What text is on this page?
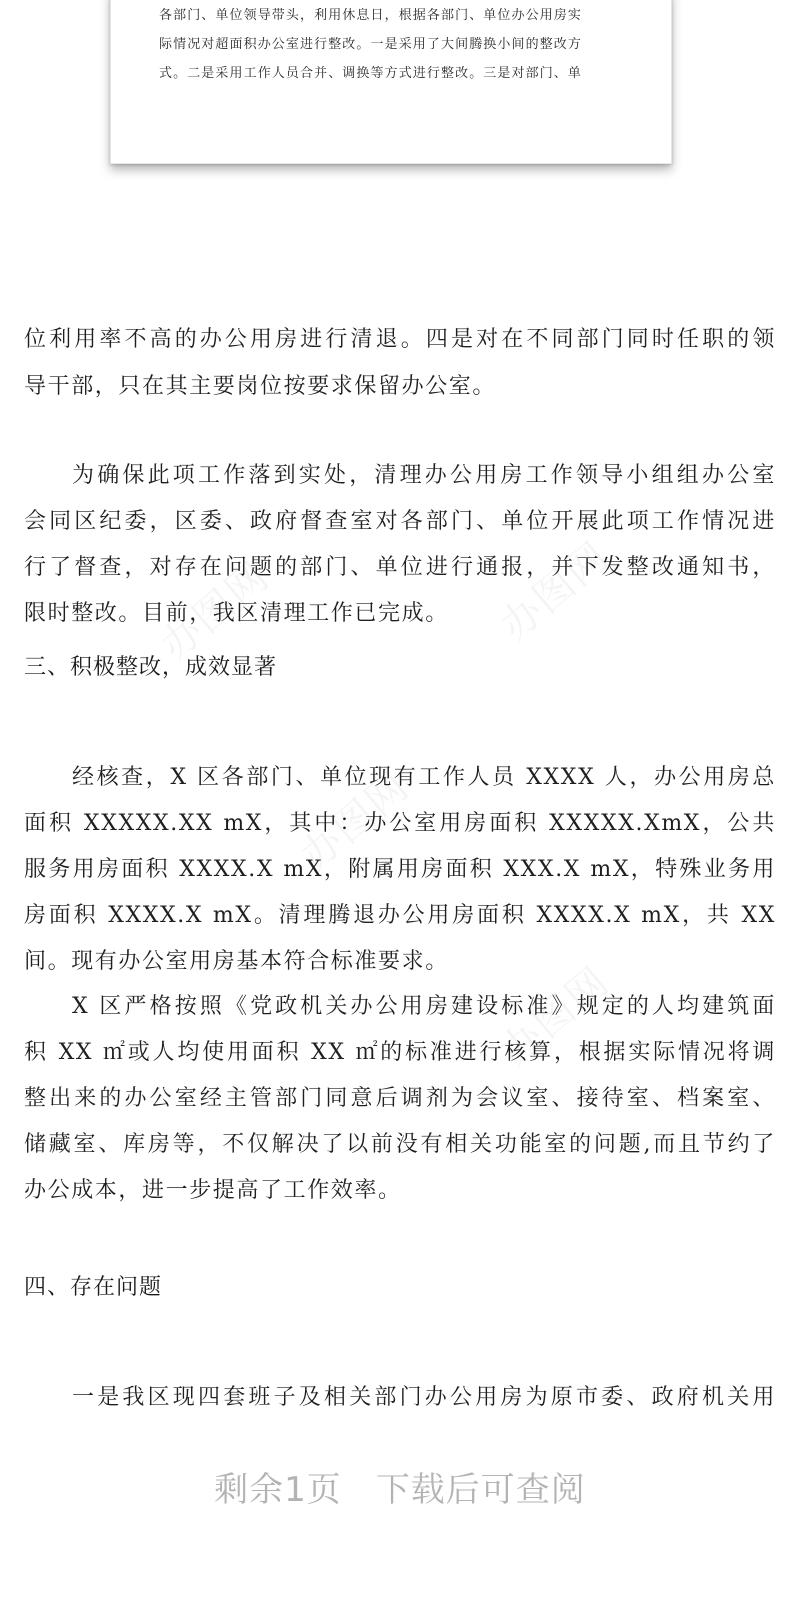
各部门、单位领导带头，利用休息日，根据各部门、单位办公用房实
际情况对超面积办公室进行整改。一是采用了大间腾换小间的整改方
式。二是采用工作人员合并、调换等方式进行整改。三是对部门、单
位利用率不高的办公用房进行清退。四是对在不同部门同时任职的领
导干部，只在其主要岗位按要求保留办公室。
为确保此项工作落到实处，清理办公用房工作领导小组组办公室
会同区纪委，区委、政府督查室对各部门、单位开展此项工作情况进
行了督查，对存在问题的部门、单位进行通报，并下发整改通知书，
限时整改。目前，我区清理工作已完成。
三、积极整改，成效显著
经核查，X 区各部门、单位现有工作人员 XXXX 人，办公用房总
面积 XXXXX.XX mX，其中：办公室用房面积 XXXXX.XmX，公共
服务用房面积 XXXX.X mX，附属用房面积 XXX.X mX，特殊业务用
房面积 XXXX.X mX。清理腾退办公用房面积 XXXX.X mX，共 XX
间。现有办公室用房基本符合标准要求。
X 区严格按照《党政机关办公用房建设标准》规定的人均建筑面
积 XX ㎡或人均使用面积 XX ㎡的标准进行核算，根据实际情况将调
整出来的办公室经主管部门同意后调剂为会议室、接待室、档案室、
储藏室、库房等，不仅解决了以前没有相关功能室的问题,而且节约了
办公成本，进一步提高了工作效率。
四、存在问题
一是我区现四套班子及相关部门办公用房为原市委、政府机关用
剩余1页 下载后可查阅
